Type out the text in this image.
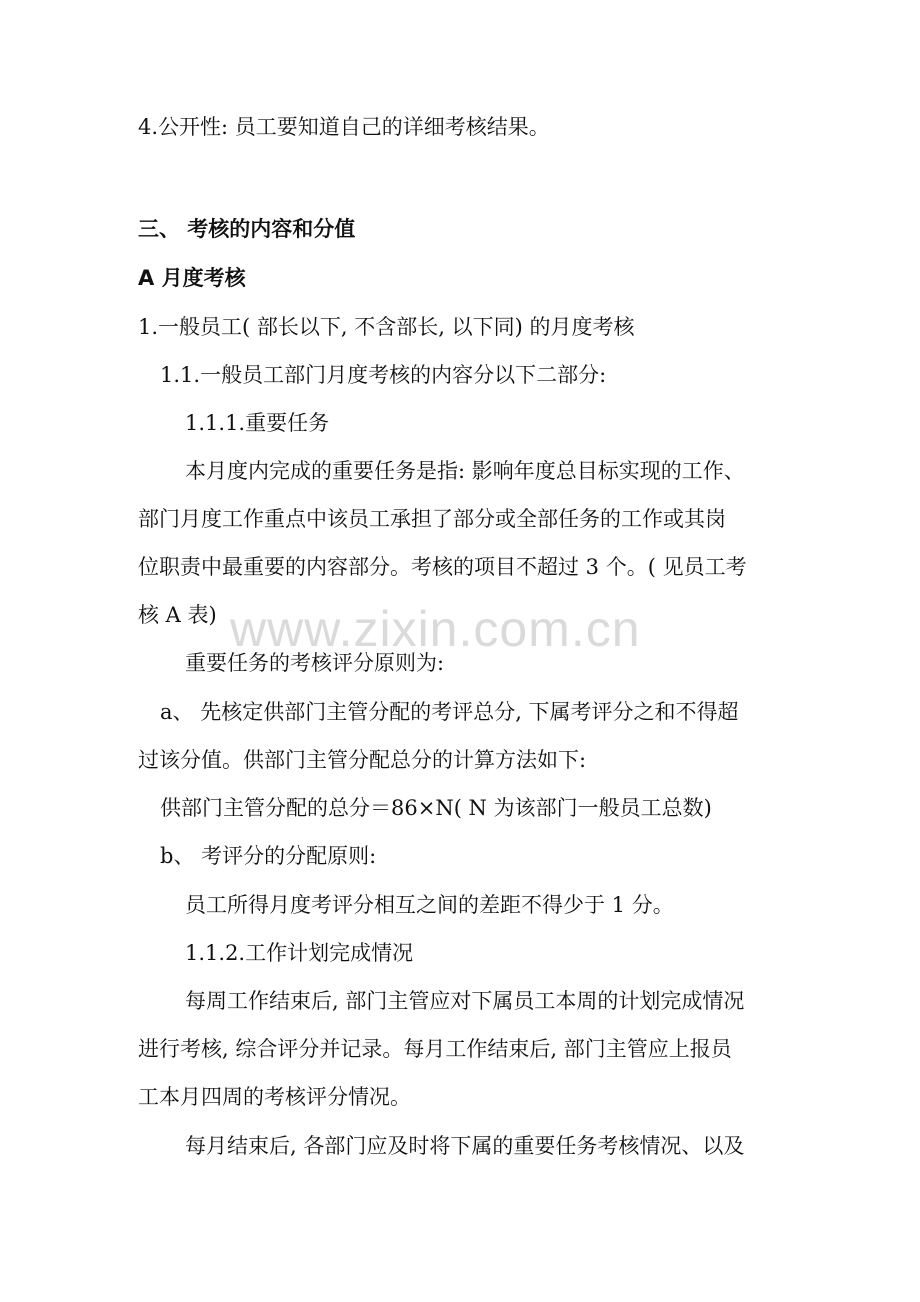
4.公开性: 员工要知道自己的详细考核结果。
三、 考核的内容和分值
A 月度考核
1.一般员工( 部长以下, 不含部长, 以下同) 的月度考核
1.1.一般员工部门月度考核的内容分以下二部分:
1.1.1.重要任务
本月度内完成的重要任务是指: 影响年度总目标实现的工作、
部门月度工作重点中该员工承担了部分或全部任务的工作或其岗
位职责中最重要的内容部分。考核的项目不超过 3 个。( 见员工考
核 A 表)
重要任务的考核评分原则为:
a、 先核定供部门主管分配的考评总分, 下属考评分之和不得超
过该分值。供部门主管分配总分的计算方法如下:
供部门主管分配的总分＝86×N( N 为该部门一般员工总数)
b、 考评分的分配原则:
员工所得月度考评分相互之间的差距不得少于 1 分。
1.1.2.工作计划完成情况
每周工作结束后, 部门主管应对下属员工本周的计划完成情况
进行考核, 综合评分并记录。每月工作结束后, 部门主管应上报员
工本月四周的考核评分情况。
每月结束后, 各部门应及时将下属的重要任务考核情况、以及
www.zixin.com.cn
